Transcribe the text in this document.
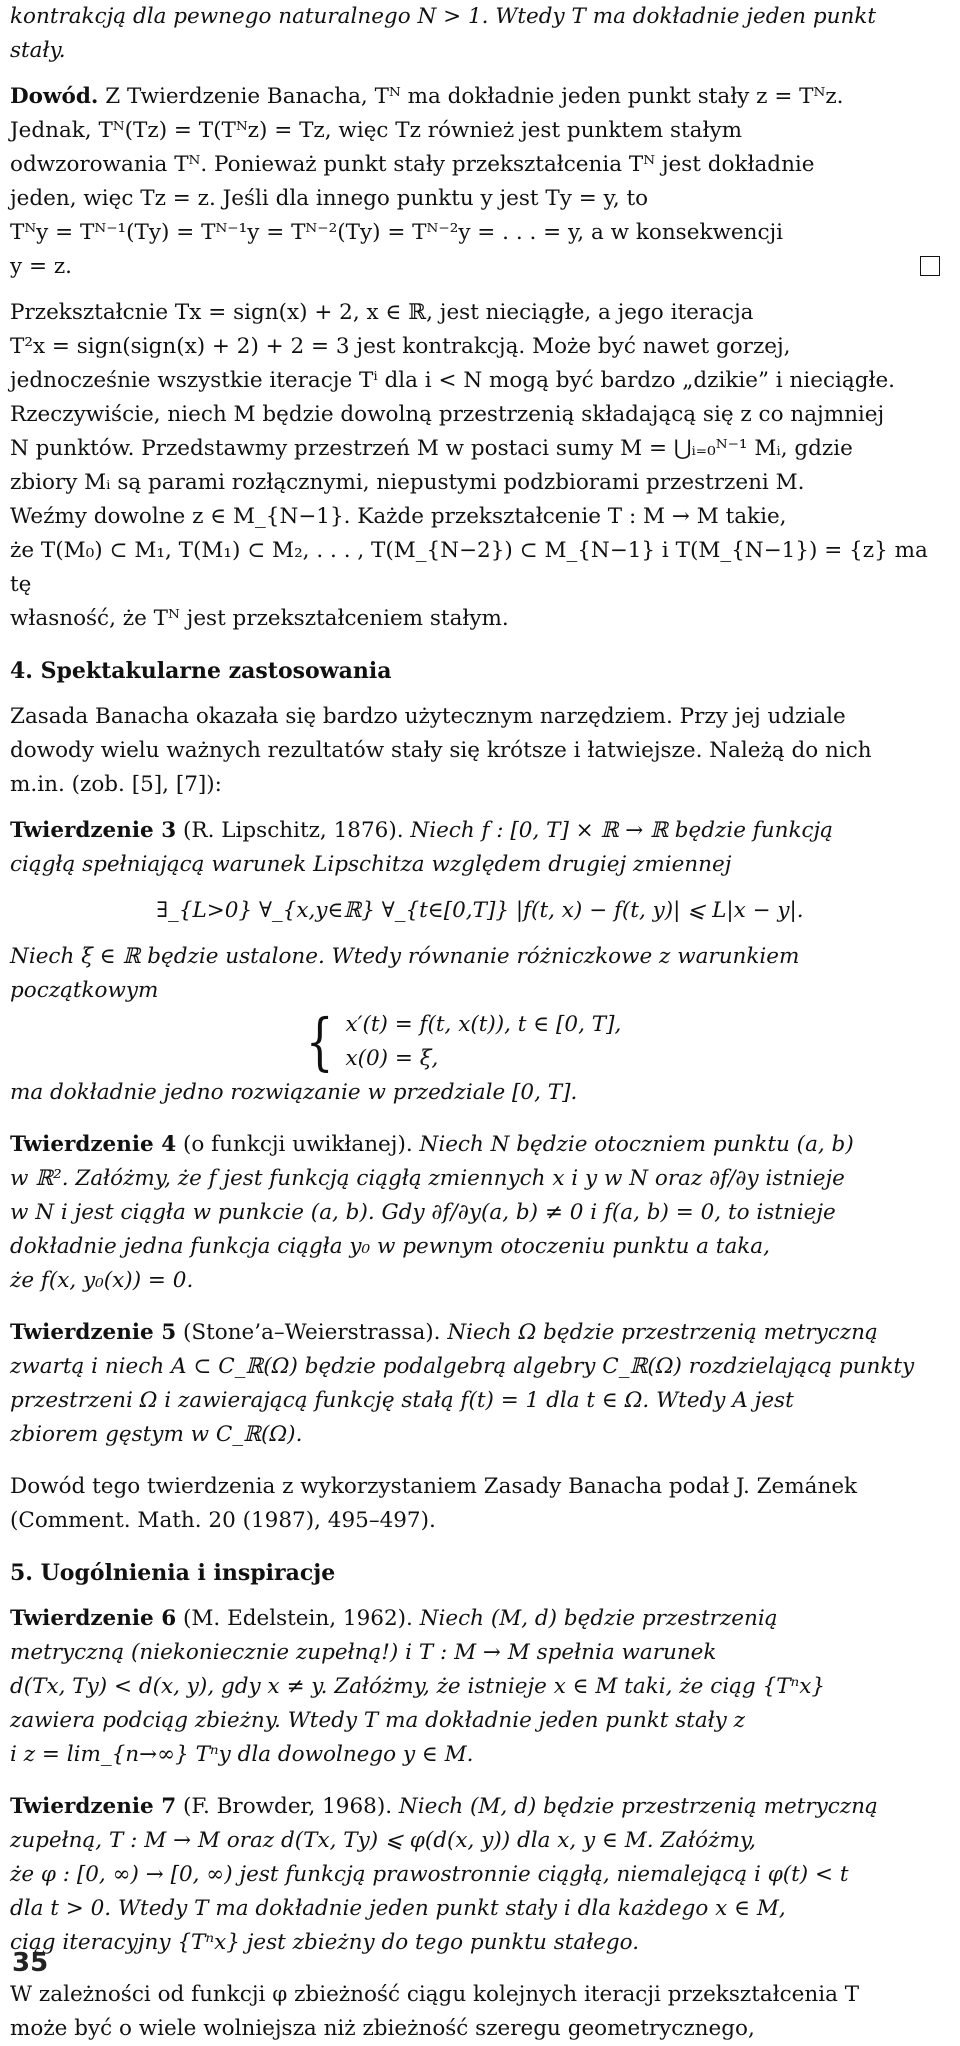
kontrakcją dla pewnego naturalnego N > 1. Wtedy T ma dokładnie jeden punkt

stały.

Dowód. Z Twierdzenie Banacha, Tᴺ ma dokładnie jeden punkt stały z = Tᴺz.

Jednak, Tᴺ(Tz) = T(Tᴺz) = Tz, więc Tz również jest punktem stałym

odwzorowania Tᴺ. Ponieważ punkt stały przekształcenia Tᴺ jest dokładnie

jeden, więc Tz = z. Jeśli dla innego punktu y jest Ty = y, to

Tᴺy = Tᴺ⁻¹(Ty) = Tᴺ⁻¹y = Tᴺ⁻²(Ty) = Tᴺ⁻²y = . . . = y, a w konsekwencji

y = z.

Przekształcnie Tx = sign(x) + 2, x ∈ ℝ, jest nieciągłe, a jego iteracja

T²x = sign(sign(x) + 2) + 2 = 3 jest kontrakcją. Może być nawet gorzej,

jednocześnie wszystkie iteracje Tⁱ dla i < N mogą być bardzo „dzikie” i nieciągłe.

Rzeczywiście, niech M będzie dowolną przestrzenią składającą się z co najmniej

N punktów. Przedstawmy przestrzeń M w postaci sumy M = ⋃ᵢ₌₀ᴺ⁻¹ Mᵢ, gdzie

zbiory Mᵢ są parami rozłącznymi, niepustymi podzbiorami przestrzeni M.

Weźmy dowolne z ∈ M_{N−1}. Każde przekształcenie T : M → M takie,

że T(M₀) ⊂ M₁, T(M₁) ⊂ M₂, . . . , T(M_{N−2}) ⊂ M_{N−1} i T(M_{N−1}) = {z} ma tę

własność, że Tᴺ jest przekształceniem stałym.

4. Spektakularne zastosowania

Zasada Banacha okazała się bardzo użytecznym narzędziem. Przy jej udziale

dowody wielu ważnych rezultatów stały się krótsze i łatwiejsze. Należą do nich

m.in. (zob. [5], [7]):

Twierdzenie 3 (R. Lipschitz, 1876). Niech f : [0, T] × ℝ → ℝ będzie funkcją

ciągłą spełniającą warunek Lipschitza względem drugiej zmiennej

∃_{L>0} ∀_{x,y∈ℝ} ∀_{t∈[0,T]} |f(t, x) − f(t, y)| ⩽ L|x − y|.

Niech ξ ∈ ℝ będzie ustalone. Wtedy równanie różniczkowe z warunkiem

początkowym

{ x′(t) = f(t, x(t)), t ∈ [0, T],
x(0) = ξ,

ma dokładnie jedno rozwiązanie w przedziale [0, T].

Twierdzenie 4 (o funkcji uwikłanej). Niech N będzie otoczniem punktu (a, b)

w ℝ². Załóżmy, że f jest funkcją ciągłą zmiennych x i y w N oraz ∂f/∂y istnieje

w N i jest ciągła w punkcie (a, b). Gdy ∂f/∂y(a, b) ≠ 0 i f(a, b) = 0, to istnieje

dokładnie jedna funkcja ciągła y₀ w pewnym otoczeniu punktu a taka,

że f(x, y₀(x)) = 0.

Twierdzenie 5 (Stone’a–Weierstrassa). Niech Ω będzie przestrzenią metryczną

zwartą i niech A ⊂ C_ℝ(Ω) będzie podalgebrą algebry C_ℝ(Ω) rozdzielającą punkty

przestrzeni Ω i zawierającą funkcję stałą f(t) = 1 dla t ∈ Ω. Wtedy A jest

zbiorem gęstym w C_ℝ(Ω).

Dowód tego twierdzenia z wykorzystaniem Zasady Banacha podał J. Zemánek

(Comment. Math. 20 (1987), 495–497).

5. Uogólnienia i inspiracje

Twierdzenie 6 (M. Edelstein, 1962). Niech (M, d) będzie przestrzenią

metryczną (niekoniecznie zupełną!) i T : M → M spełnia warunek

d(Tx, Ty) < d(x, y), gdy x ≠ y. Załóżmy, że istnieje x ∈ M taki, że ciąg {Tⁿx}

zawiera podciąg zbieżny. Wtedy T ma dokładnie jeden punkt stały z

i z = lim_{n→∞} Tⁿy dla dowolnego y ∈ M.

Twierdzenie 7 (F. Browder, 1968). Niech (M, d) będzie przestrzenią metryczną

zupełną, T : M → M oraz d(Tx, Ty) ⩽ φ(d(x, y)) dla x, y ∈ M. Załóżmy,

że φ : [0, ∞) → [0, ∞) jest funkcją prawostronnie ciągłą, niemalejącą i φ(t) < t

dla t > 0. Wtedy T ma dokładnie jeden punkt stały i dla każdego x ∈ M,

ciąg iteracyjny {Tⁿx} jest zbieżny do tego punktu stałego.

W zależności od funkcji φ zbieżność ciągu kolejnych iteracji przekształcenia T

może być o wiele wolniejsza niż zbieżność szeregu geometrycznego,

35
